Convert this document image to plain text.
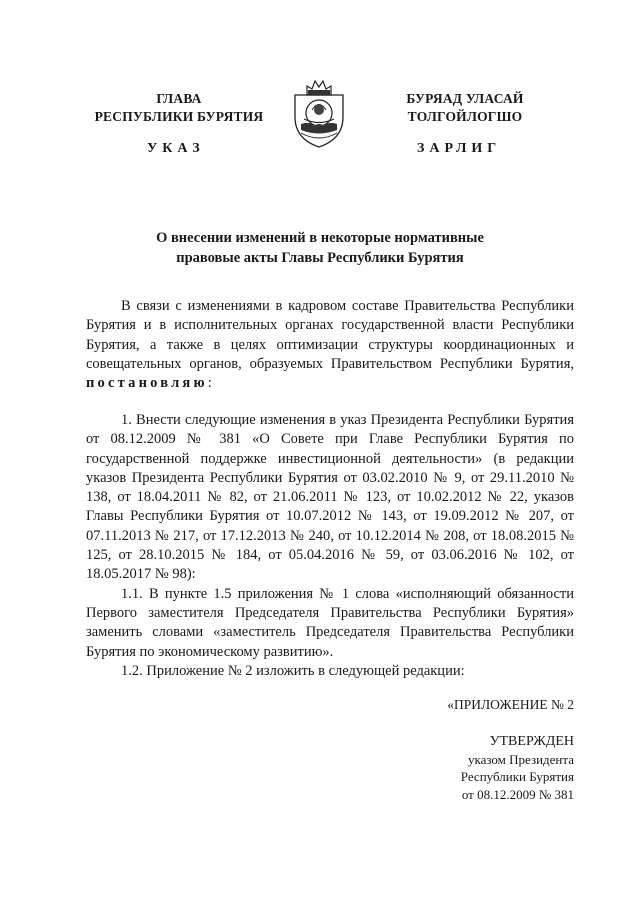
ГЛАВА
РЕСПУБЛИКИ БУРЯТИЯ
УКАЗ
БУРЯАД УЛАСАЙ
ТОЛГОЙЛОГШО
ЗАРЛИГ
О внесении изменений в некоторые нормативные
правовые акты Главы Республики Бурятия

В связи с изменениями в кадровом составе Правительства Республики Бурятия и в исполнительных органах государственной власти Республики Бурятия, а также в целях оптимизации структуры координационных и совещательных органов, образуемых Правительством Республики Бурятия, постановляю:

1. Внести следующие изменения в указ Президента Республики Бурятия от 08.12.2009 № 381 «О Совете при Главе Республики Бурятия по государственной поддержке инвестиционной деятельности» (в редакции указов Президента Республики Бурятия от 03.02.2010 № 9, от 29.11.2010 № 138, от 18.04.2011 № 82, от 21.06.2011 № 123, от 10.02.2012 № 22, указов Главы Республики Бурятия от 10.07.2012 № 143, от 19.09.2012 № 207, от 07.11.2013 № 217, от 17.12.2013 № 240, от 10.12.2014 № 208, от 18.08.2015 № 125, от 28.10.2015 № 184, от 05.04.2016 № 59, от 03.06.2016 № 102, от 18.05.2017 № 98):

1.1. В пункте 1.5 приложения № 1 слова «исполняющий обязанности Первого заместителя Председателя Правительства Республики Бурятия» заменить словами «заместитель Председателя Правительства Республики Бурятия по экономическому развитию».

1.2. Приложение № 2 изложить в следующей редакции:

«ПРИЛОЖЕНИЕ № 2
УТВЕРЖДЕН
указом Президента
Республики Бурятия
от 08.12.2009 № 381
